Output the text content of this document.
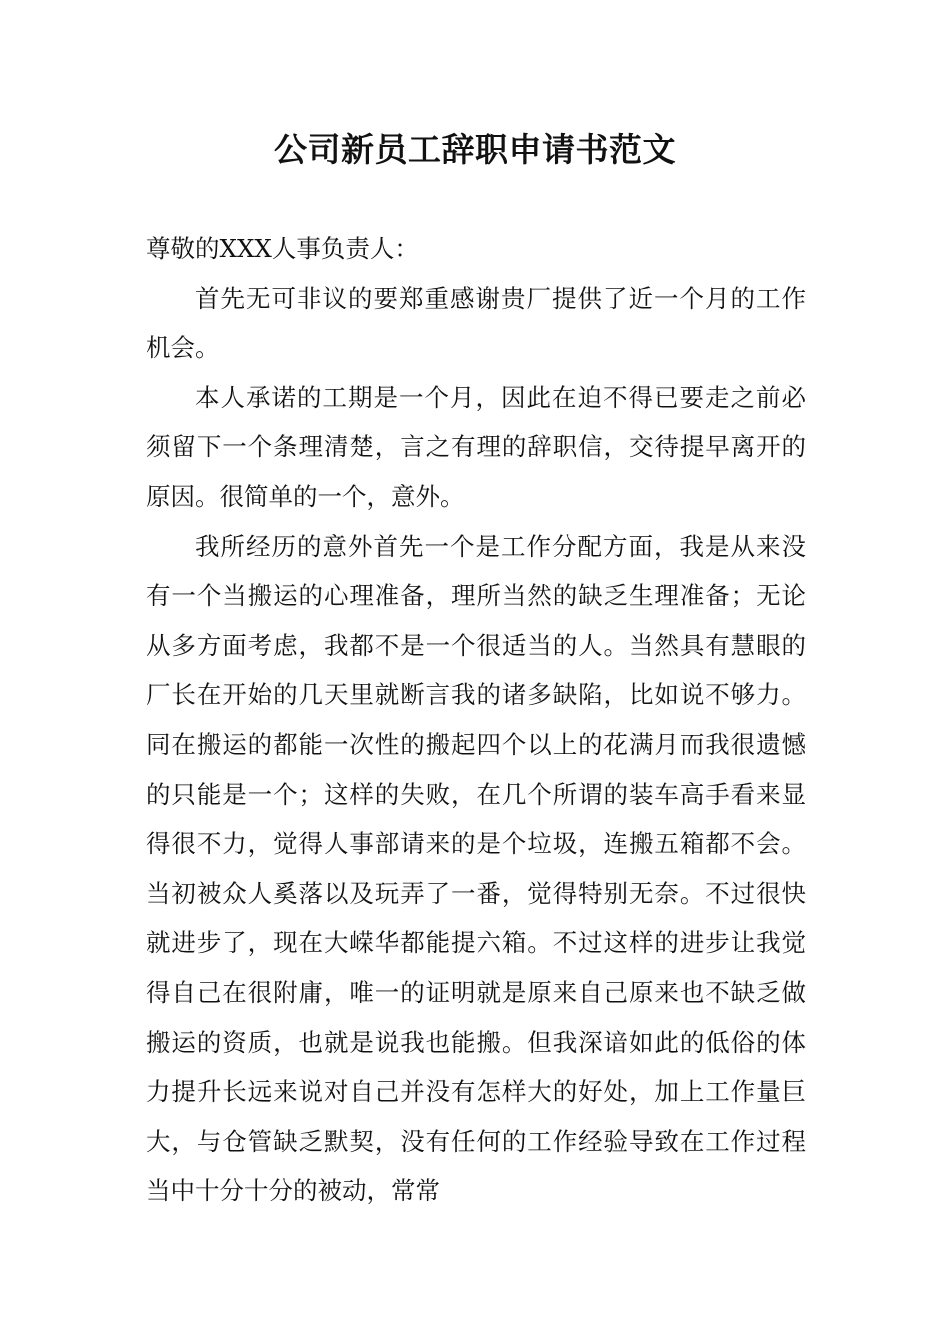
公司新员工辞职申请书范文

尊敬的XXX人事负责人：

首先无可非议的要郑重感谢贵厂提供了近一个月的工作机会。

本人承诺的工期是一个月，因此在迫不得已要走之前必须留下一个条理清楚，言之有理的辞职信，交待提早离开的原因。很简单的一个，意外。

我所经历的意外首先一个是工作分配方面，我是从来没有一个当搬运的心理准备，理所当然的缺乏生理准备；无论从多方面考虑，我都不是一个很适当的人。当然具有慧眼的厂长在开始的几天里就断言我的诸多缺陷，比如说不够力。同在搬运的都能一次性的搬起四个以上的花满月而我很遗憾的只能是一个；这样的失败，在几个所谓的装车高手看来显得很不力，觉得人事部请来的是个垃圾，连搬五箱都不会。当初被众人奚落以及玩弄了一番，觉得特别无奈。不过很快就进步了，现在大嵘华都能提六箱。不过这样的进步让我觉得自己在很附庸，唯一的证明就是原来自己原来也不缺乏做搬运的资质，也就是说我也能搬。但我深谙如此的低俗的体力提升长远来说对自己并没有怎样大的好处，加上工作量巨大，与仓管缺乏默契，没有任何的工作经验导致在工作过程当中十分十分的被动，常常
